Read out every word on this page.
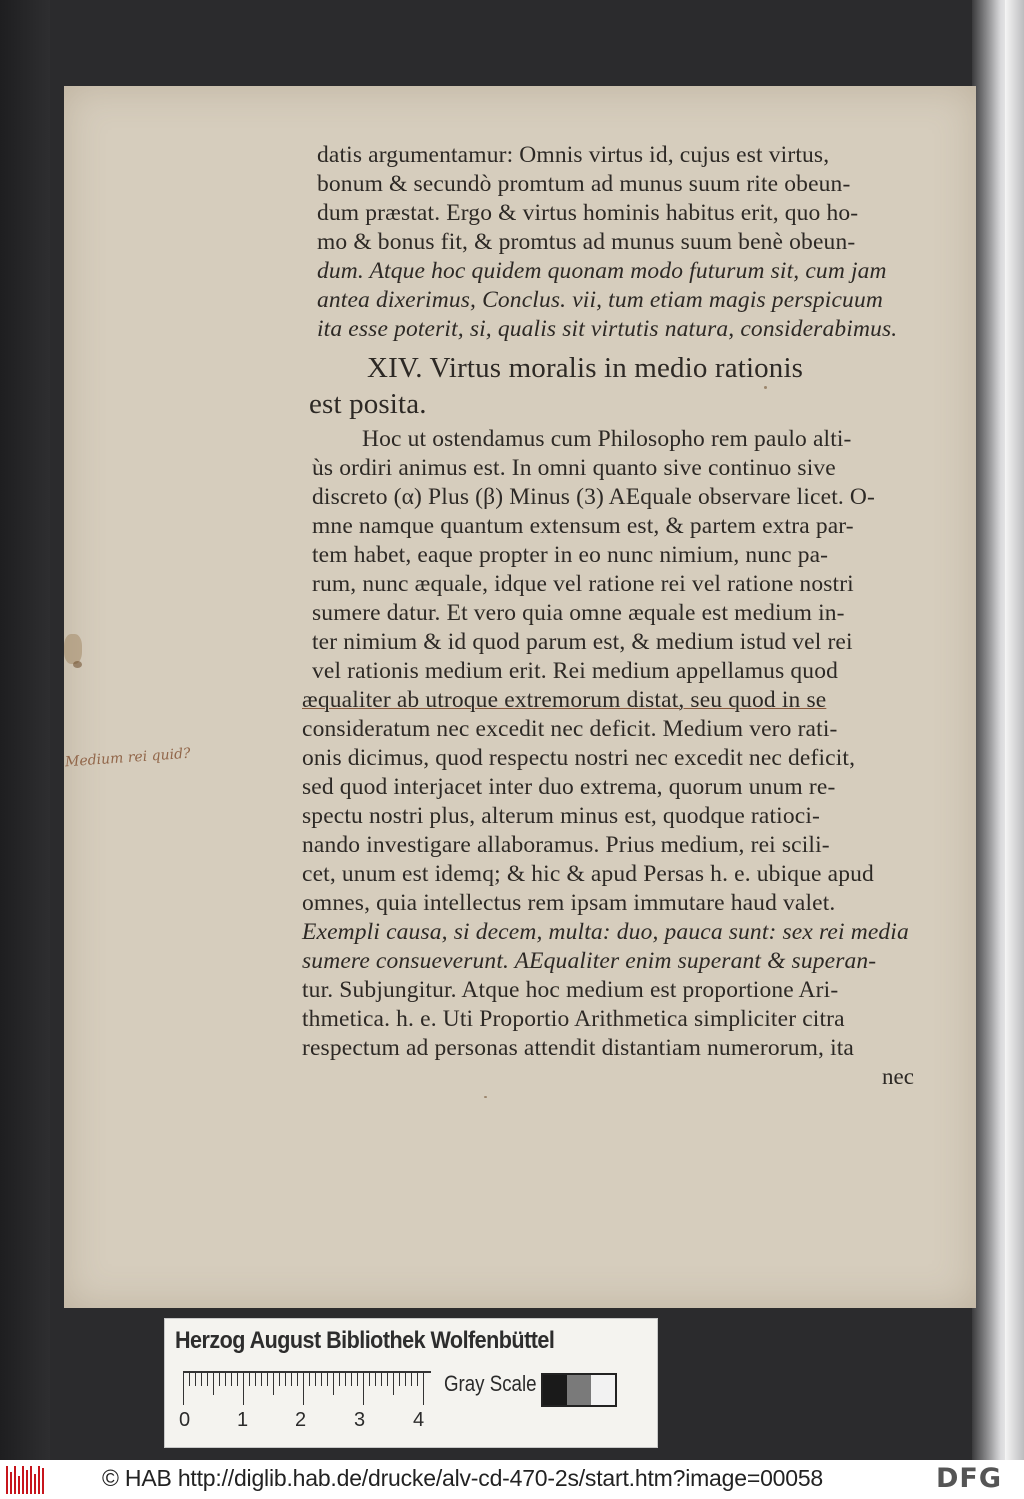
Medium rei quid?
datis argumentamur: Omnis virtus id, cujus est virtus,
bonum & secundò promtum ad munus suum rite obeun-
dum præstat. Ergo & virtus hominis habitus erit, quo ho-
mo & bonus fit, & promtus ad munus suum benè obeun-
dum. Atque hoc quidem quonam modo futurum sit, cum jam
antea dixerimus, Conclus. vii, tum etiam magis perspicuum
ita esse poterit, si, qualis sit virtutis natura, considerabimus.
XIV. Virtus moralis in medio rationis
est posita.
Hoc ut ostendamus cum Philosopho rem paulo alti-
ùs ordiri animus est. In omni quanto sive continuo sive
discreto (α) Plus (β) Minus (3) AEquale observare licet. O-
mne namque quantum extensum est, & partem extra par-
tem habet, eaque propter in eo nunc nimium, nunc pa-
rum, nunc æquale, idque vel ratione rei vel ratione nostri
sumere datur. Et vero quia omne æquale est medium in-
ter nimium & id quod parum est, & medium istud vel rei
vel rationis medium erit. Rei medium appellamus quod
æqualiter ab utroque extremorum distat, seu quod in se
consideratum nec excedit nec deficit. Medium vero rati-
onis dicimus, quod respectu nostri nec excedit nec deficit,
sed quod interjacet inter duo extrema, quorum unum re-
spectu nostri plus, alterum minus est, quodque ratioci-
nando investigare allaboramus. Prius medium, rei scili-
cet, unum est idemq; & hic & apud Persas h. e. ubique apud
omnes, quia intellectus rem ipsam immutare haud valet.
Exempli causa, si decem, multa: duo, pauca sunt: sex rei media
sumere consueverunt. AEqualiter enim superant & superan-
tur. Subjungitur. Atque hoc medium est proportione Ari-
thmetica. h. e. Uti Proportio Arithmetica simpliciter citra
respectum ad personas attendit distantiam numerorum, ita
nec
Herzog August Bibliothek Wolfenbüttel
0 1 2 3 4
Gray Scale
© HAB http://diglib.hab.de/drucke/alv-cd-470-2s/start.htm?image=00058	DFG
